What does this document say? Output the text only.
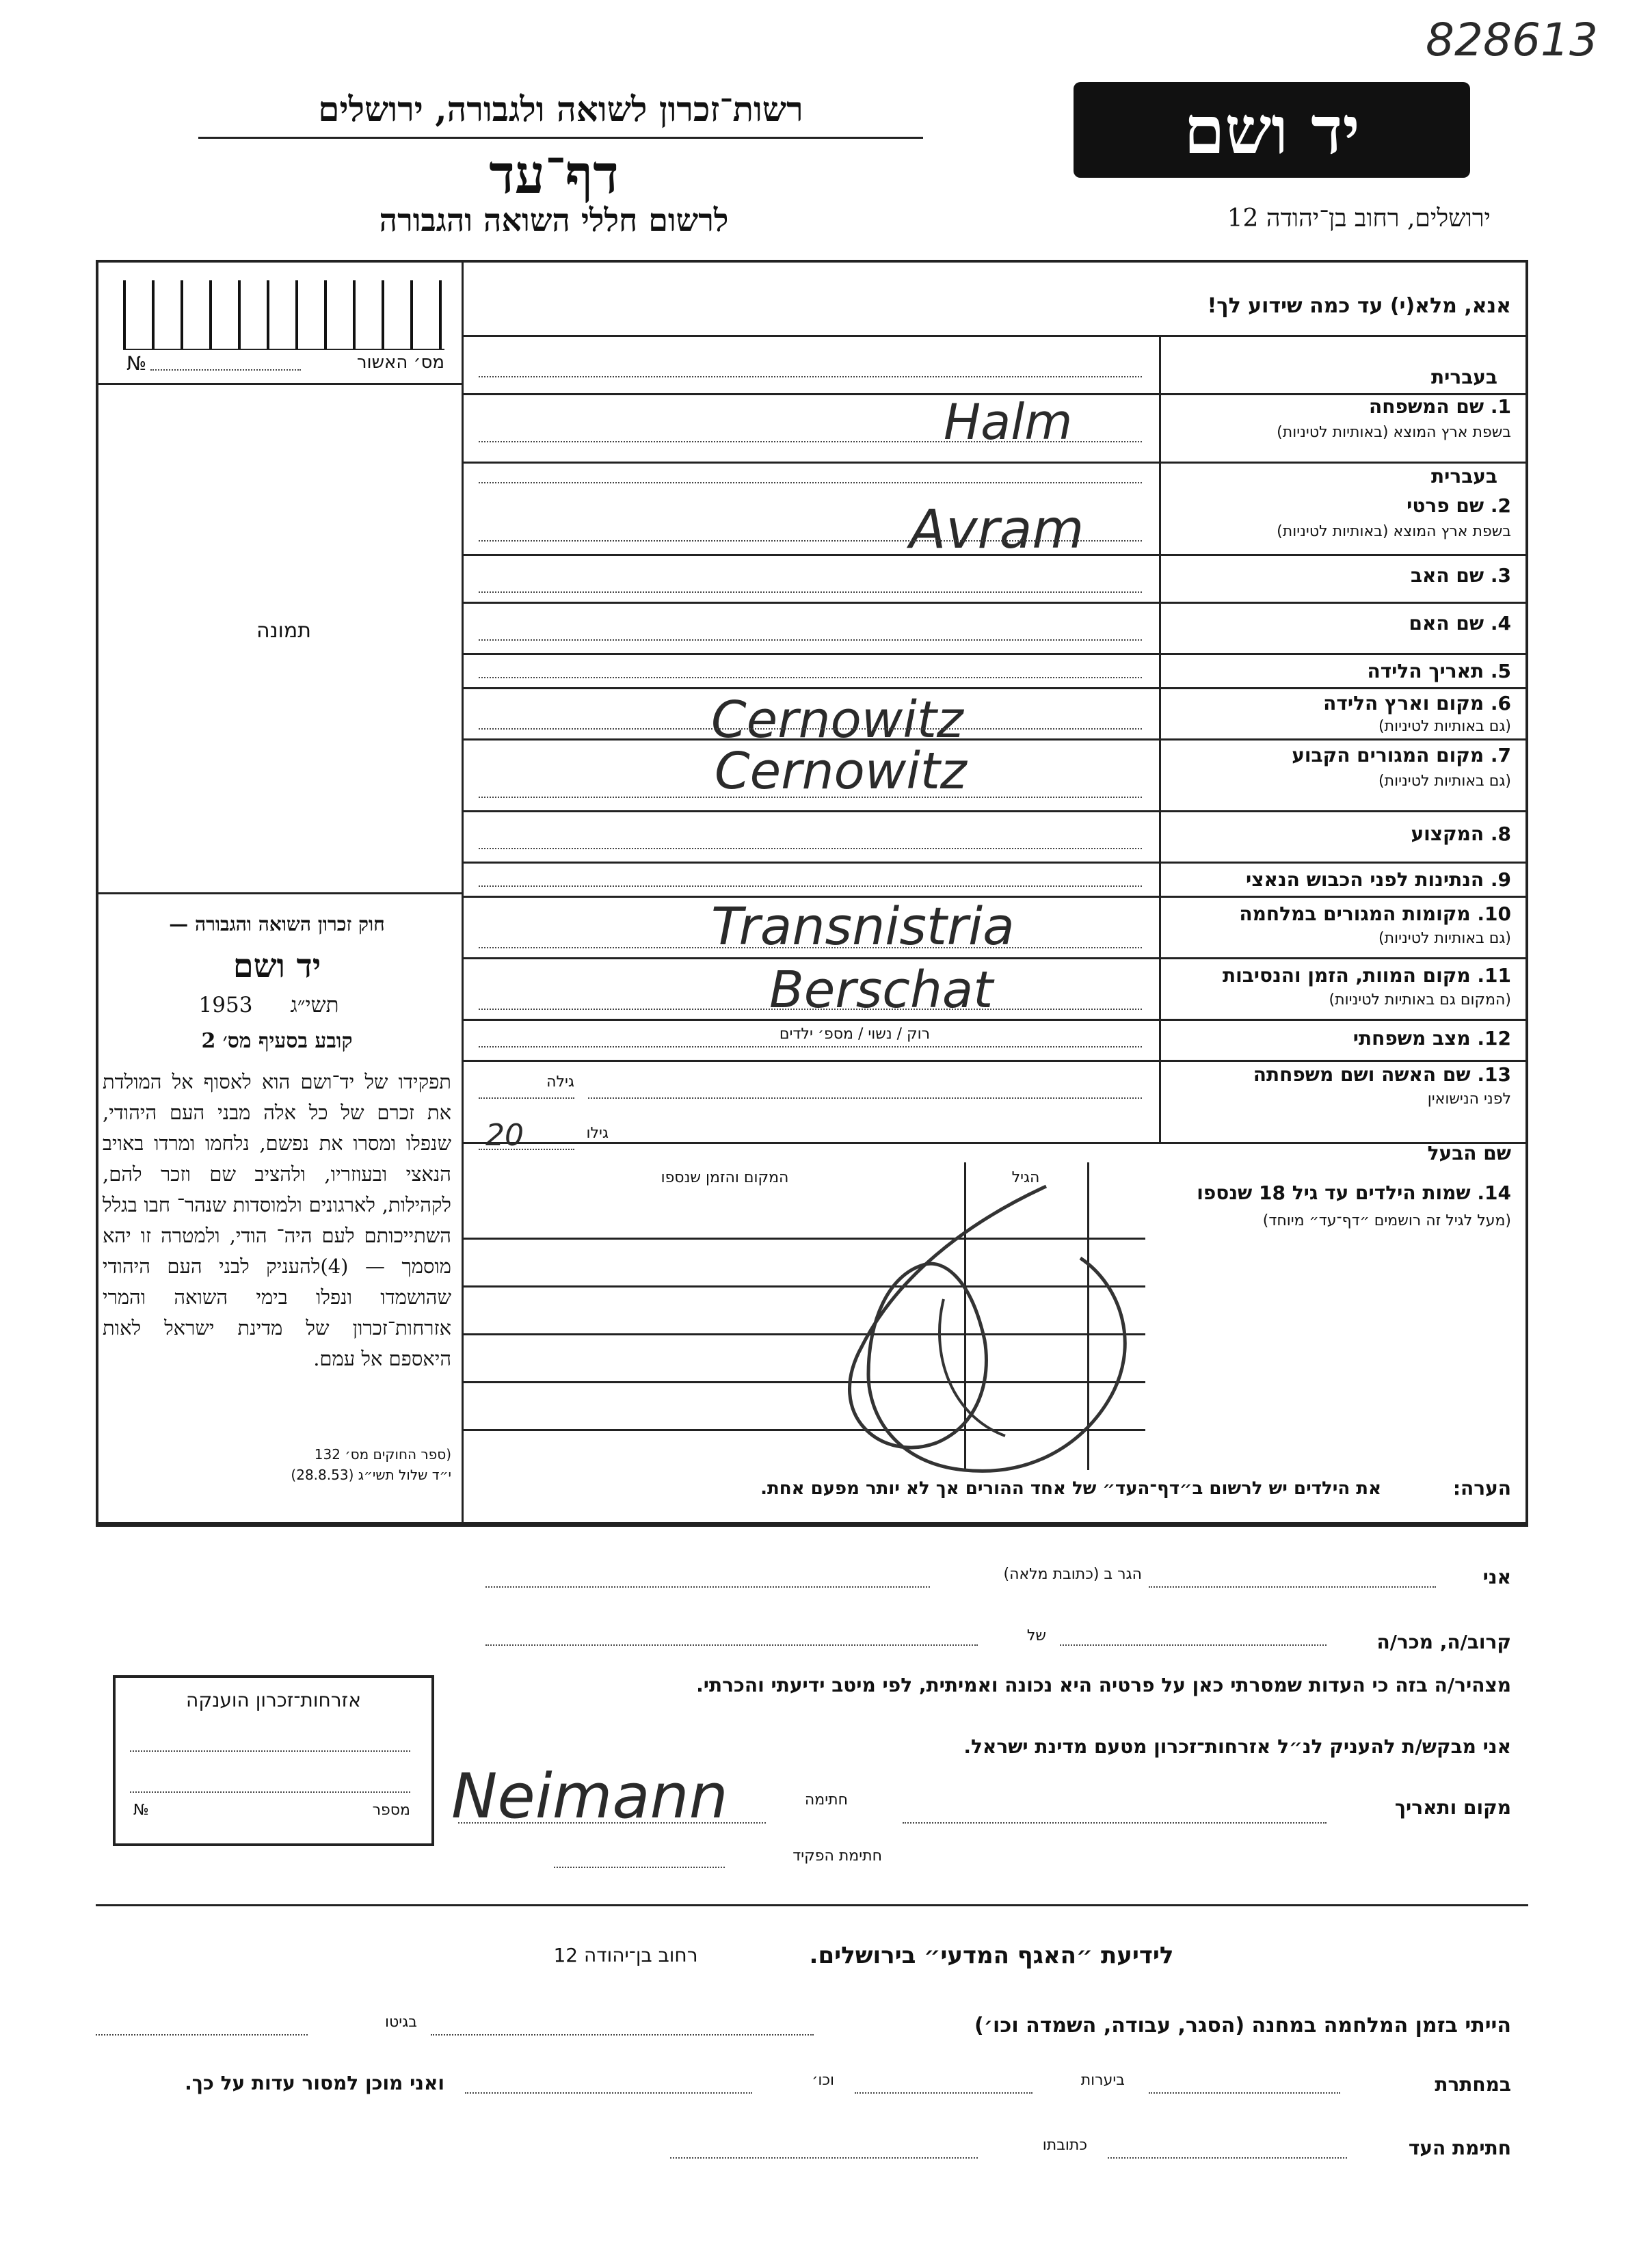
828613
רשות־זכרון לשואה ולגבורה, ירושלים
דף־עד
לרשום חללי השואה והגבורה	ירושלים, רחוב בן־יהודה 12
יד ושם
מס׳ האשור
№
תמונה
חוק זכרון השואה והגבורה —
יד ושם
1953	תשי״ג
קובע בסעיף מס׳ 2
תפקידו של יד־ושם הוא לאסוף אל המולדת את זכרם של כל אלה מבני העם היהודי, שנפלו ומסרו את נפשם, נלחמו ומרדו באויב הנאצי ובעוזריו, ולהציב שם וזכר להם, לקהילות, לארגונים ולמוסדות שנהר־ חבו בגלל השתייכותם לעם היה־ הודי, ולמטרה זו יהא מוסמך — (4)להעניק לבני העם היהודי שהושמדו ונפלו בימי השואה והמרי אזרחות־זכרון של מדינת ישראל לאות היאספם אל עמם.
(ספר החוקים מס׳ 132
י״ד שלול תשי״ג (28.8.53)
אנא, מלא(י) עד כמה שידוע לך!
בעברית
1. שם המשפחה
בשפת ארץ המוצא (באותיות לטיניות)
Halm
בעברית
2. שם פרטי
בשפת ארץ המוצא (באותיות לטיניות)
Avram
3. שם האב
4. שם האם
5. תאריך הלידה
6. מקום וארץ הלידה
(גם באותיות לטיניות)
Cernowitz
7. מקום המגורים הקבוע
(גם באותיות לטיניות)
Cernowitz
8. המקצוע
9. הנתינות לפני הכבוש הנאצי
10. מקומות המגורים במלחמה
(גם באותיות לטיניות)
Transnistria
11. מקום המוות, הזמן והנסיבות
(המקום גם באותיות לטיניות)
Berschat
12. מצב משפחתי
רוק / נשוי / מספ׳ ילדים
13. שם האשה ושם משפחתה
לפני הנישואין
גילה
שם הבעל
גילו
20
14. שמות הילדים עד גיל 18 שנספו
(מעל לגיל זה רושמים ״דף־עד״ מיוחד)
הגיל
המקום והזמן שנספו
הערה:
את הילדים יש לרשום ב״דף־העד״ של אחד ההורים אך לא יותר מפעם אחת.
אני
הגר ב (כתובת מלאה)
קרוב/ה, מכר/ה
של
מצהיר/ה בזה כי העדות שמסרתי כאן על פרטיה היא נכונה ואמיתית, לפי מיטב ידיעתי והכרתי.
אני מבקש/ת להעניק לנ״ל אזרחות־זכרון מטעם מדינת ישראל.
מקום ותאריך
חתימה
Neimann
חתימת הפקיד
אזרחות־זכרון הוענקה
№	מספר
לידיעת ״האגף המדעי״ בירושלים.
רחוב בן־יהודה 12
הייתי בזמן המלחמה במחנה (הסגר, עבודה, השמדה וכו׳)
בגיטו
במחתרת
ביערות
וכו׳
ואני מוכן למסור עדות על כך.
חתימת העד
כתובתו
